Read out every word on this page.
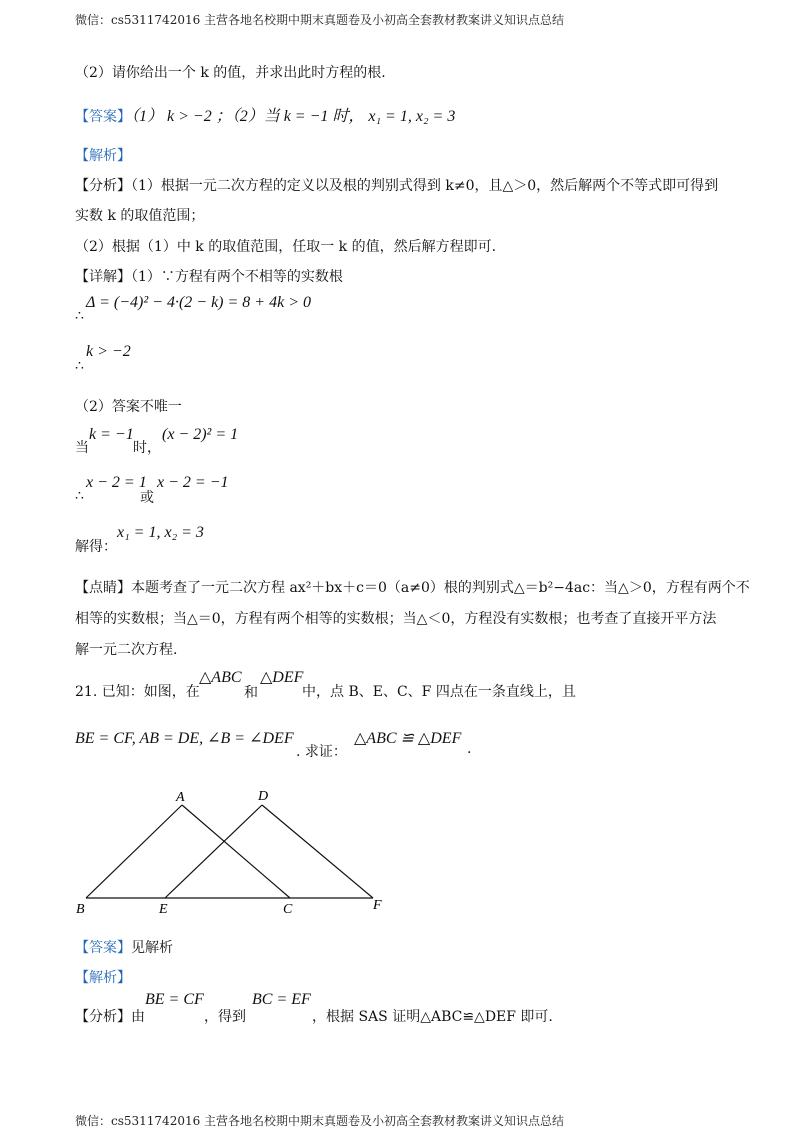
微信：cs5311742016 主营各地名校期中期末真题卷及小初高全套教材教案讲义知识点总结
（2）请你给出一个 k 的值，并求出此时方程的根.
【答案】（1） k > −2 ；（2）当 k = −1 时， x₁ = 1, x₂ = 3
【解析】
【分析】（1）根据一元二次方程的定义以及根的判别式得到 k≠0，且△＞0，然后解两个不等式即可得到
实数 k 的取值范围；
（2）根据（1）中 k 的取值范围，任取一 k 的值，然后解方程即可.
【详解】（1）∵方程有两个不相等的实数根
∴
Δ = (−4)² − 4·(2 − k) = 8 + 4k > 0
∴
k > −2
（2）答案不唯一
当
k = −1
时，
(x − 2)² = 1
∴
x − 2 = 1
或
x − 2 = −1
解得：
x₁ = 1, x₂ = 3
【点睛】本题考查了一元二次方程 ax²＋bx＋c＝0（a≠0）根的判别式△＝b²−4ac：当△＞0，方程有两个不
相等的实数根；当△＝0，方程有两个相等的实数根；当△＜0，方程没有实数根；也考查了直接开平方法
解一元二次方程.
21. 已知：如图，在
△ABC
和
△DEF
中，点 B、E、C、F 四点在一条直线上，且
BE = CF, AB = DE, ∠B = ∠DEF
. 求证：
△ABC ≌ △DEF
.
A	D
B	E	C	F
【答案】见解析
【解析】
【分析】由
BE = CF
，得到
BC = EF
，根据 SAS 证明△ABC≌△DEF 即可.
微信：cs5311742016 主营各地名校期中期末真题卷及小初高全套教材教案讲义知识点总结
